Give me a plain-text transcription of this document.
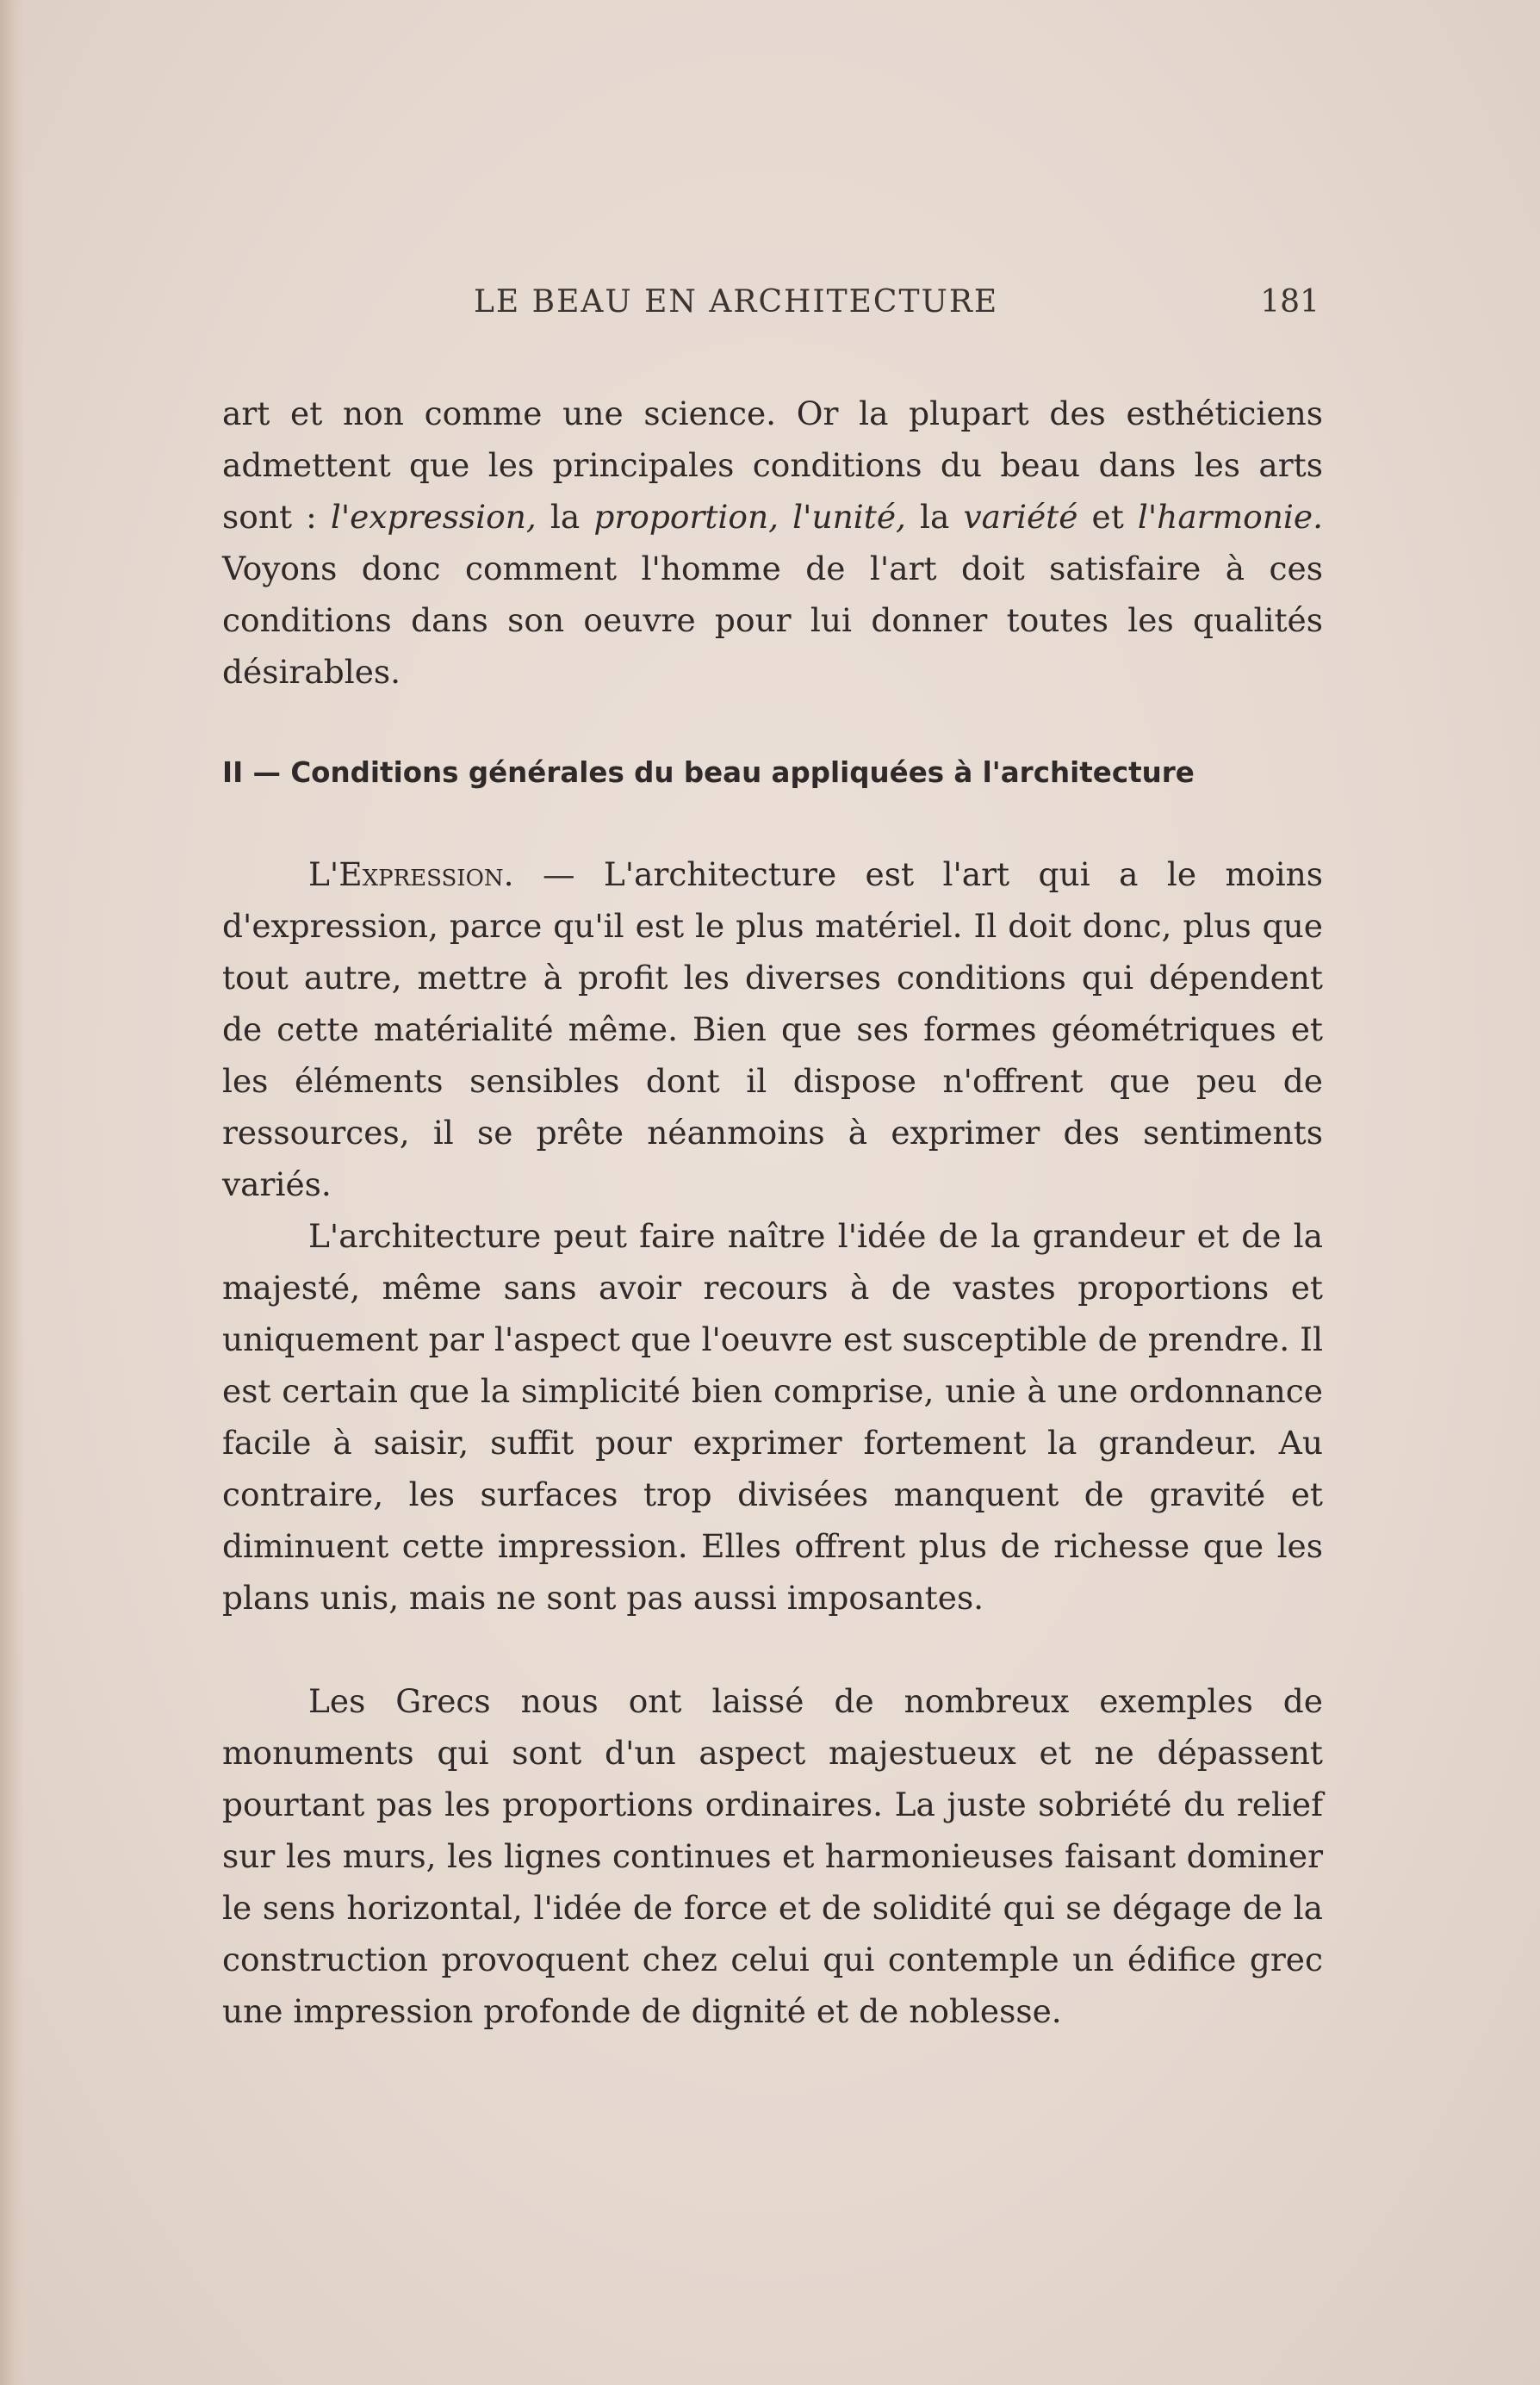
LE BEAU EN ARCHITECTURE	181
art et non comme une science. Or la plupart des esthéticiens admettent que les principales conditions du beau dans les arts sont : l'expression, la proportion, l'unité, la variété et l'harmonie. Voyons donc comment l'homme de l'art doit satisfaire à ces conditions dans son oeuvre pour lui donner toutes les qualités désirables.
II — Conditions générales du beau appliquées à l'architecture
L'Expression. — L'architecture est l'art qui a le moins d'expression, parce qu'il est le plus matériel. Il doit donc, plus que tout autre, mettre à profit les diverses conditions qui dépendent de cette matérialité même. Bien que ses formes géométriques et les éléments sensibles dont il dispose n'offrent que peu de ressources, il se prête néanmoins à exprimer des sentiments variés.
L'architecture peut faire naître l'idée de la grandeur et de la majesté, même sans avoir recours à de vastes proportions et uniquement par l'aspect que l'oeuvre est susceptible de prendre. Il est certain que la simplicité bien comprise, unie à une ordonnance facile à saisir, suffit pour exprimer fortement la grandeur. Au contraire, les surfaces trop divisées manquent de gravité et diminuent cette impression. Elles offrent plus de richesse que les plans unis, mais ne sont pas aussi imposantes.
Les Grecs nous ont laissé de nombreux exemples de monuments qui sont d'un aspect majestueux et ne dépassent pourtant pas les proportions ordinaires. La juste sobriété du relief sur les murs, les lignes continues et harmonieuses faisant dominer le sens horizontal, l'idée de force et de solidité qui se dégage de la construction provoquent chez celui qui contemple un édifice grec une impression profonde de dignité et de noblesse.
